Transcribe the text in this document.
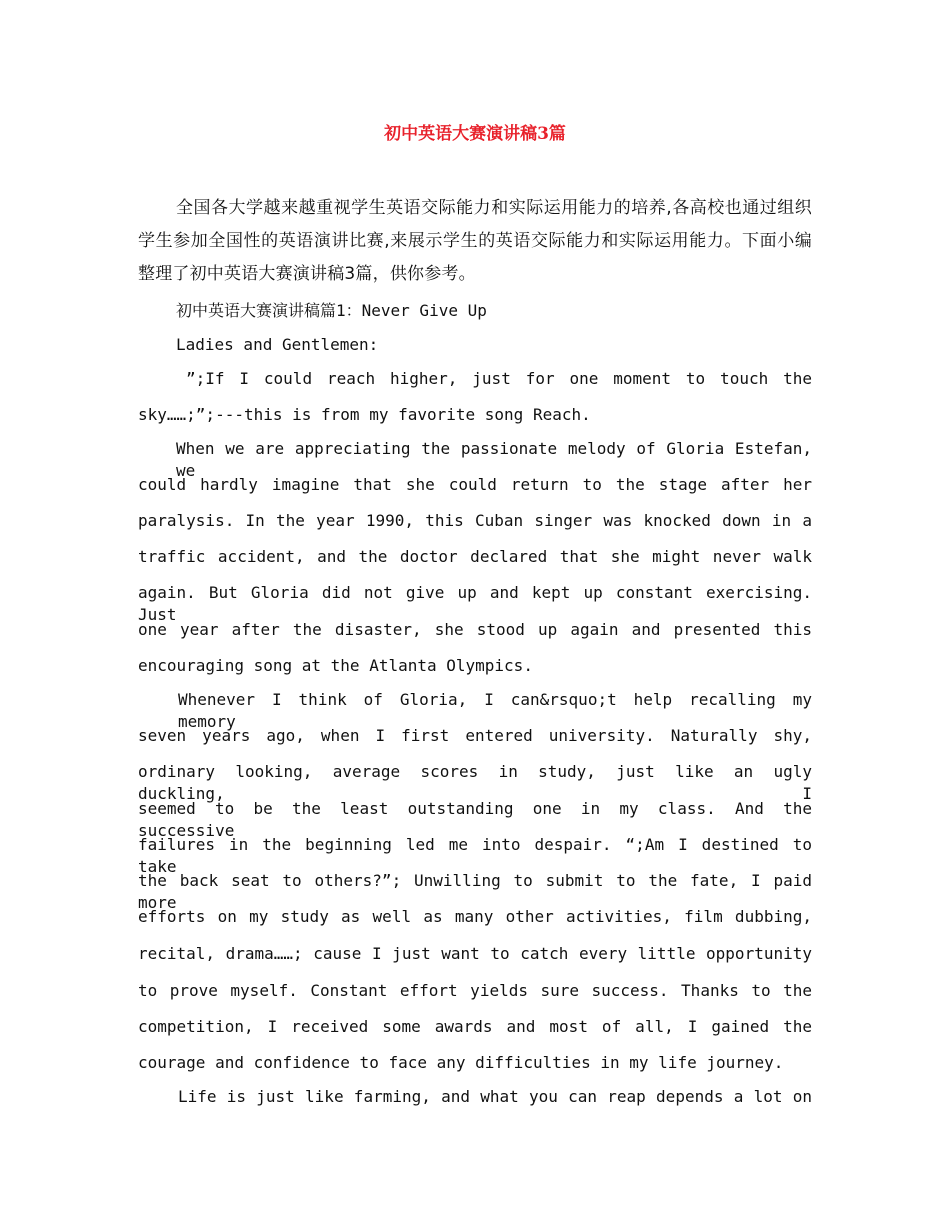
初中英语大赛演讲稿3篇
全国各大学越来越重视学生英语交际能力和实际运用能力的培养,各高校也通过组织学生参加全国性的英语演讲比赛,来展示学生的英语交际能力和实际运用能力。下面小编整理了初中英语大赛演讲稿3篇，供你参考。
初中英语大赛演讲稿篇1：Never Give Up
Ladies and Gentlemen:
”;If I could reach higher, just for one moment to touch the
sky……;”;---this is from my favorite song Reach.
When we are appreciating the passionate melody of Gloria Estefan, we
could hardly imagine that she could return to the stage after her
paralysis. In the year 1990, this Cuban singer was knocked down in a
traffic accident, and the doctor declared that she might never walk
again. But Gloria did not give up and kept up constant exercising. Just
one year after the disaster, she stood up again and presented this
encouraging song at the Atlanta Olympics.
Whenever I think of Gloria, I can&rsquo;t help recalling my memory
seven years ago, when I first entered university. Naturally shy,
ordinary looking, average scores in study, just like an ugly duckling, I
seemed to be the least outstanding one in my class. And the successive
failures in the beginning led me into despair. “;Am I destined to take
the back seat to others?”; Unwilling to submit to the fate, I paid more
efforts on my study as well as many other activities, film dubbing,
recital, drama……; cause I just want to catch every little opportunity
to prove myself. Constant effort yields sure success. Thanks to the
competition, I received some awards and most of all, I gained the
courage and confidence to face any difficulties in my life journey.
Life is just like farming, and what you can reap depends a lot on
